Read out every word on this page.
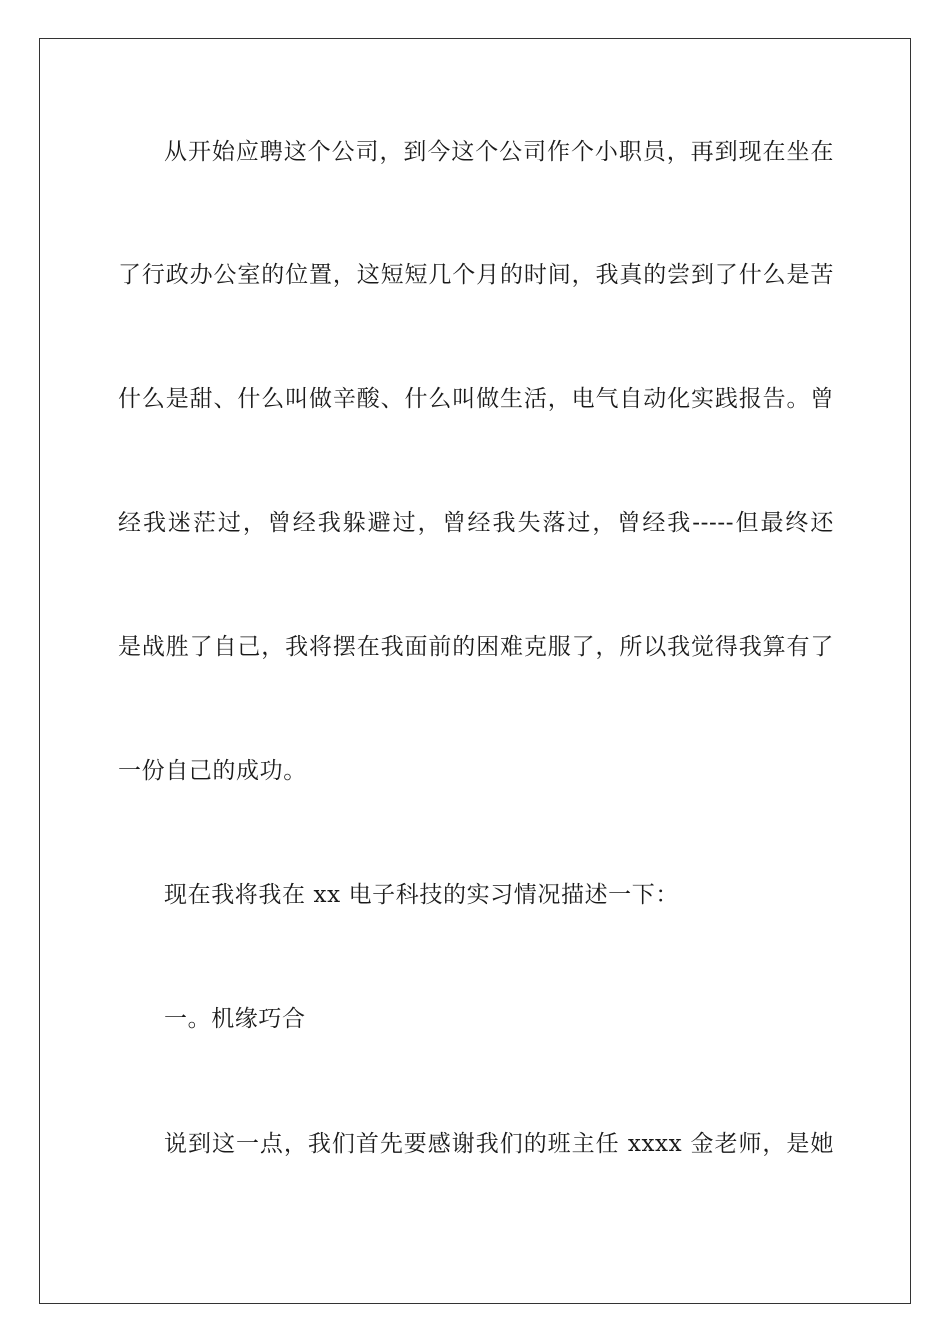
从开始应聘这个公司，到今这个公司作个小职员，再到现在坐在
了行政办公室的位置，这短短几个月的时间，我真的尝到了什么是苦
什么是甜、什么叫做辛酸、什么叫做生活，电气自动化实践报告。曾
经我迷茫过，曾经我躲避过，曾经我失落过，曾经我-----但最终还
是战胜了自己，我将摆在我面前的困难克服了，所以我觉得我算有了
一份自己的成功。
现在我将我在 xx 电子科技的实习情况描述一下：
一。机缘巧合
说到这一点，我们首先要感谢我们的班主任 xxxx 金老师，是她
